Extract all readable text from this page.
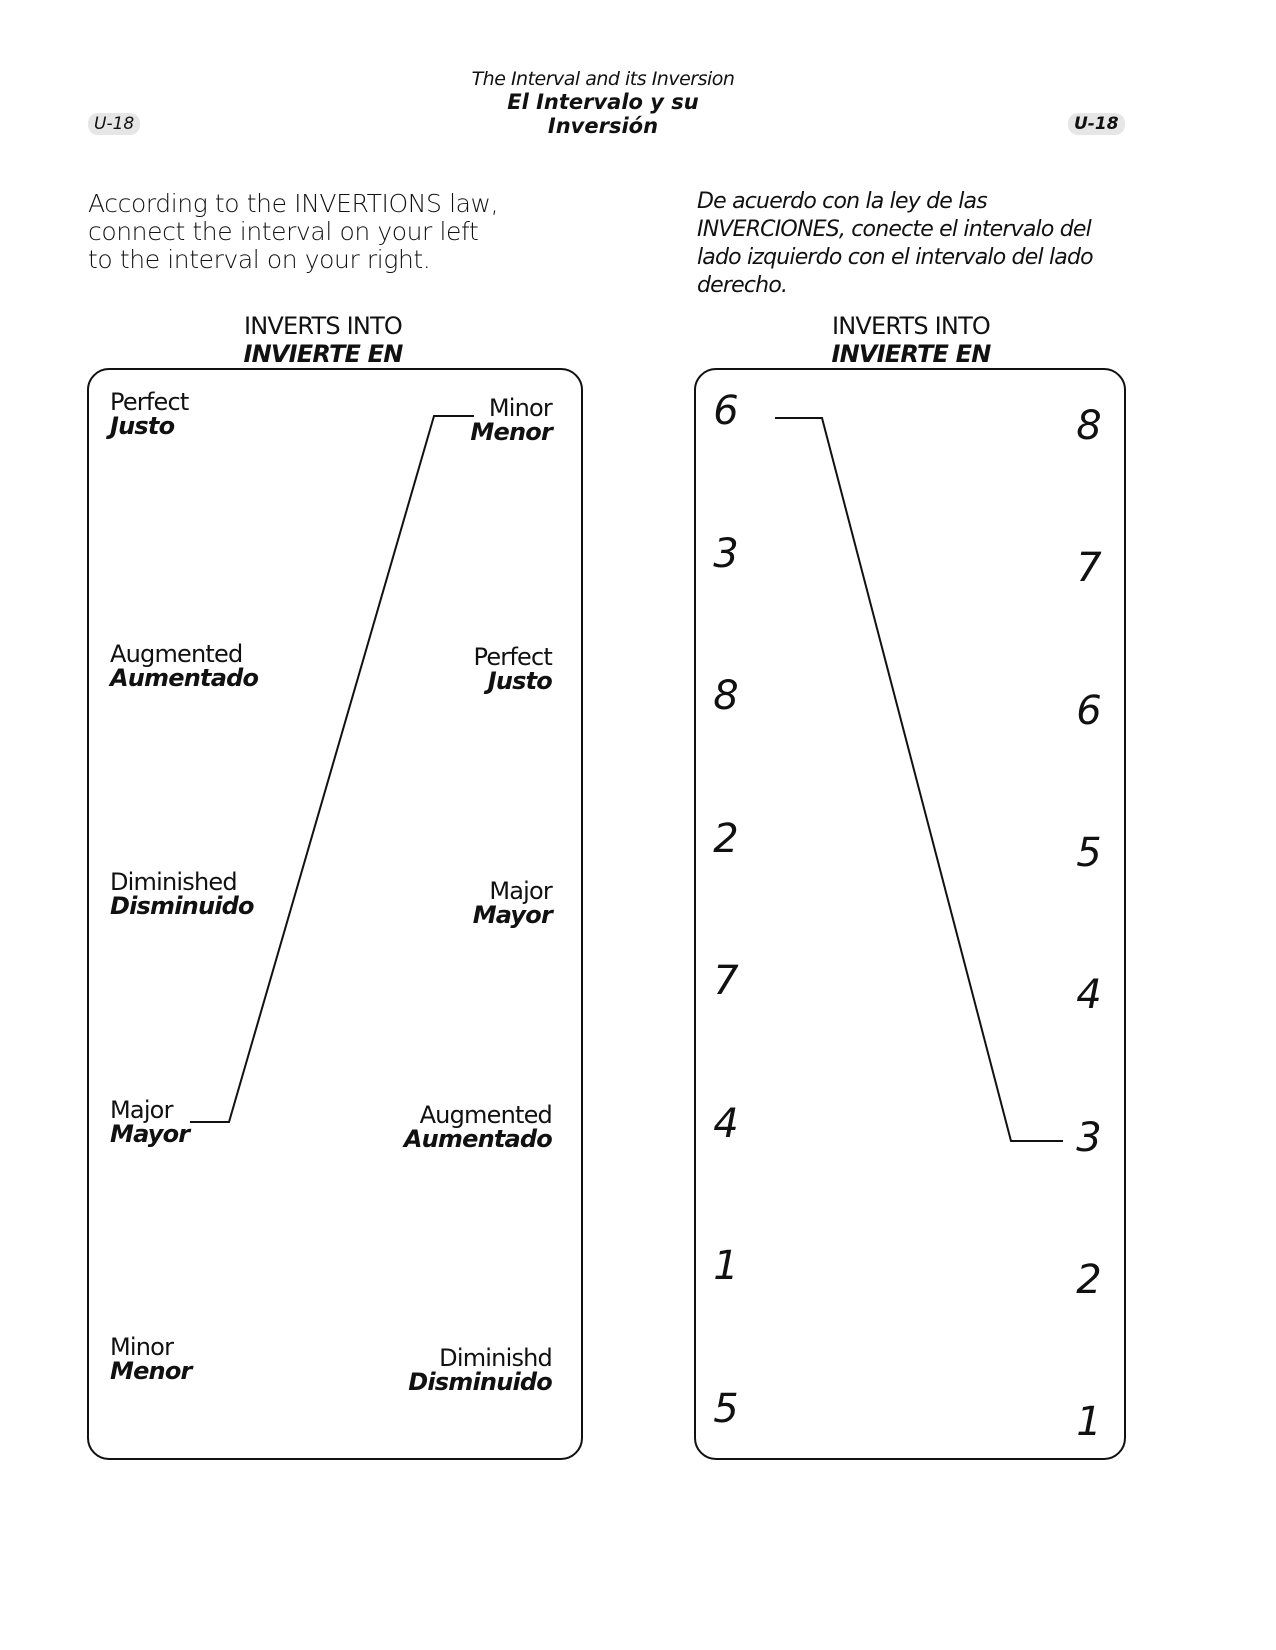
The Interval and its Inversion
El Intervalo y su
Inversión
U-18	U-18
According to the INVERTIONS law, connect the interval on your left to the interval on your right.
De acuerdo con la ley de las INVERCIONES, conecte el intervalo del lado izquierdo con el intervalo del lado derecho.
INVERTS INTO
INVIERTE EN
INVERTS INTO
INVIERTE EN
Perfect
Justo
Augmented
Aumentado
Diminished
Disminuido
Major
Mayor
Minor
Menor
Minor
Menor
Perfect
Justo
Major
Mayor
Augmented
Aumentado
Diminishd
Disminuido
6
3
8
2
7
4
1
5
8
7
6
5
4
3
2
1
